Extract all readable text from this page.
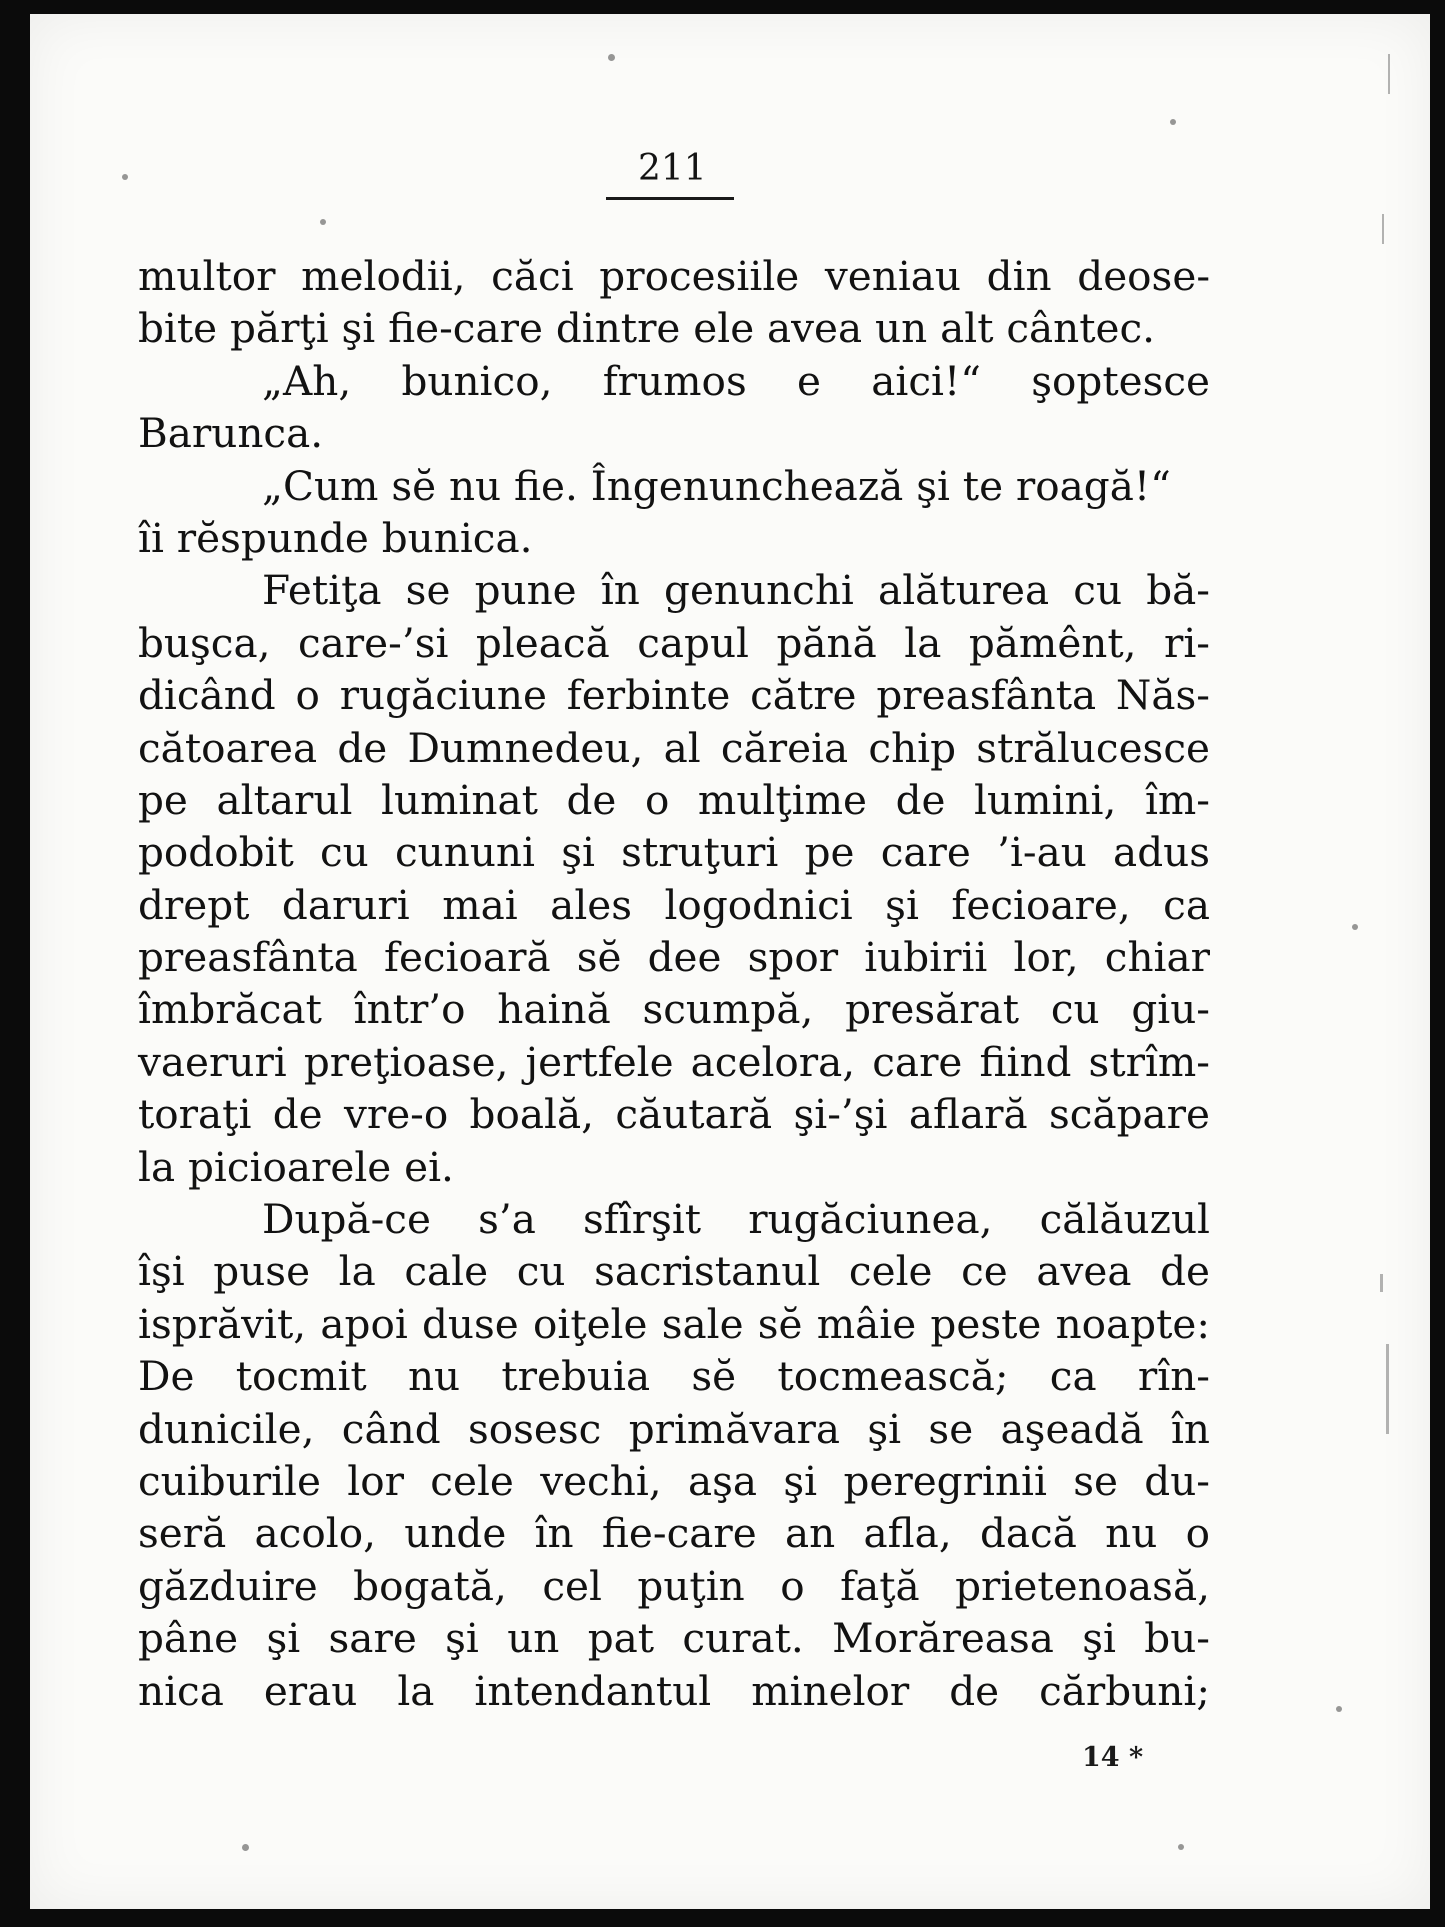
211
multor melodii, căci procesiile veniau din deose-
bite părţi şi fie-care dintre ele avea un alt cântec.
„Ah, bunico, frumos e aici!“ şoptesce
Barunca.
„Cum sĕ nu fie. Îngenunchează şi te roagă!“
îi rĕspunde bunica.
Fetiţa se pune în genunchi alăturea cu bă-
buşca, care-’si pleacă capul pănă la pămênt, ri-
dicând o rugăciune ferbinte către preasfânta Năs-
cătoarea de Dumnedeu, al căreia chip strălucesce
pe altarul luminat de o mulţime de lumini, îm-
podobit cu cununi şi struţuri pe care ’i-au adus
drept daruri mai ales logodnici şi fecioare, ca
preasfânta fecioară sĕ dee spor iubirii lor, chiar
îmbrăcat într’o haină scumpă, presărat cu giu-
vaeruri preţioase, jertfele acelora, care fiind strîm-
toraţi de vre-o boală, căutară şi-’şi aflară scăpare
la picioarele ei.
După-ce s’a sfîrşit rugăciunea, călăuzul
îşi puse la cale cu sacristanul cele ce avea de
isprăvit, apoi duse oiţele sale sĕ mâie peste noapte:
De tocmit nu trebuia sĕ tocmească; ca rîn-
dunicile, când sosesc primăvara şi se aşeadă în
cuiburile lor cele vechi, aşa şi peregrinii se du-
seră acolo, unde în fie-care an afla, dacă nu o
găzduire bogată, cel puţin o faţă prietenoasă,
pâne şi sare şi un pat curat. Morăreasa şi bu-
nica erau la intendantul minelor de cărbuni;
14 *
